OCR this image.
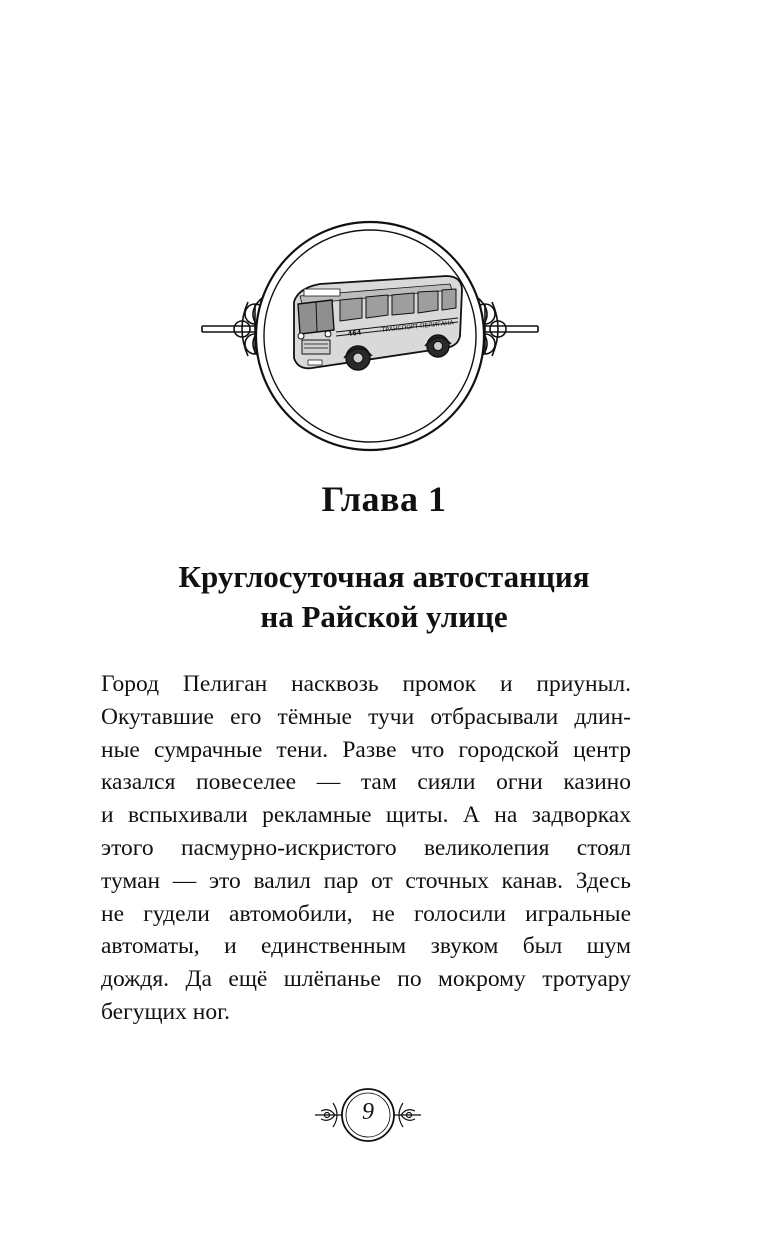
ТРАНСПОРТ ПЕЛИГАНА
464
Глава 1
Круглосуточная автостанция
на Райской улице
Город Пелиган насквозь промок и приуныл.
Окутавшие его тёмные тучи отбрасывали длин-
ные сумрачные тени. Разве что городской центр
казался повеселее — там сияли огни казино
и вспыхивали рекламные щиты. А на задворках
этого пасмурно-искристого великолепия стоял
туман — это валил пар от сточных канав. Здесь
не гудели автомобили, не голосили игральные
автоматы, и единственным звуком был шум
дождя. Да ещё шлёпанье по мокрому тротуару
бегущих ног.
9
